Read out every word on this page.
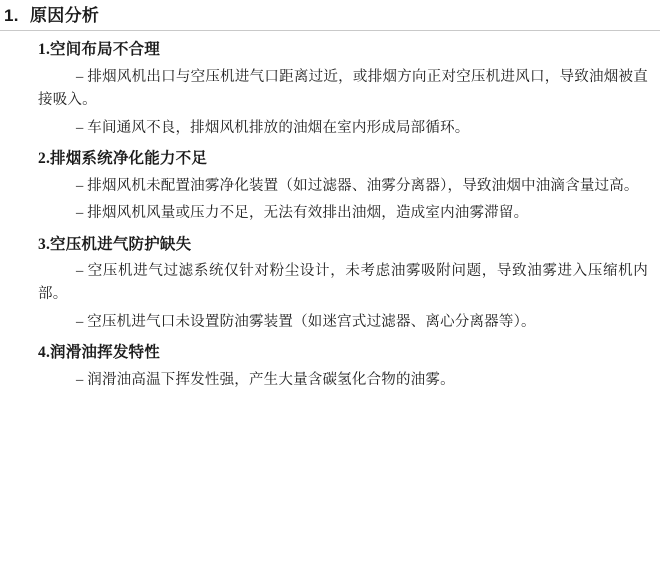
1. 原因分析
1.空间布局不合理

– 排烟风机出口与空压机进气口距离过近，或排烟方向正对空压机进风口，导致油烟被直接吸入。

– 车间通风不良，排烟风机排放的油烟在室内形成局部循环。

2.排烟系统净化能力不足

– 排烟风机未配置油雾净化装置（如过滤器、油雾分离器），导致油烟中油滴含量过高。

– 排烟风机风量或压力不足，无法有效排出油烟，造成室内油雾滞留。

3.空压机进气防护缺失

– 空压机进气过滤系统仅针对粉尘设计，未考虑油雾吸附问题，导致油雾进入压缩机内部。

– 空压机进气口未设置防油雾装置（如迷宫式过滤器、离心分离器等）。

4.润滑油挥发特性

– 润滑油高温下挥发性强，产生大量含碳氢化合物的油雾。
